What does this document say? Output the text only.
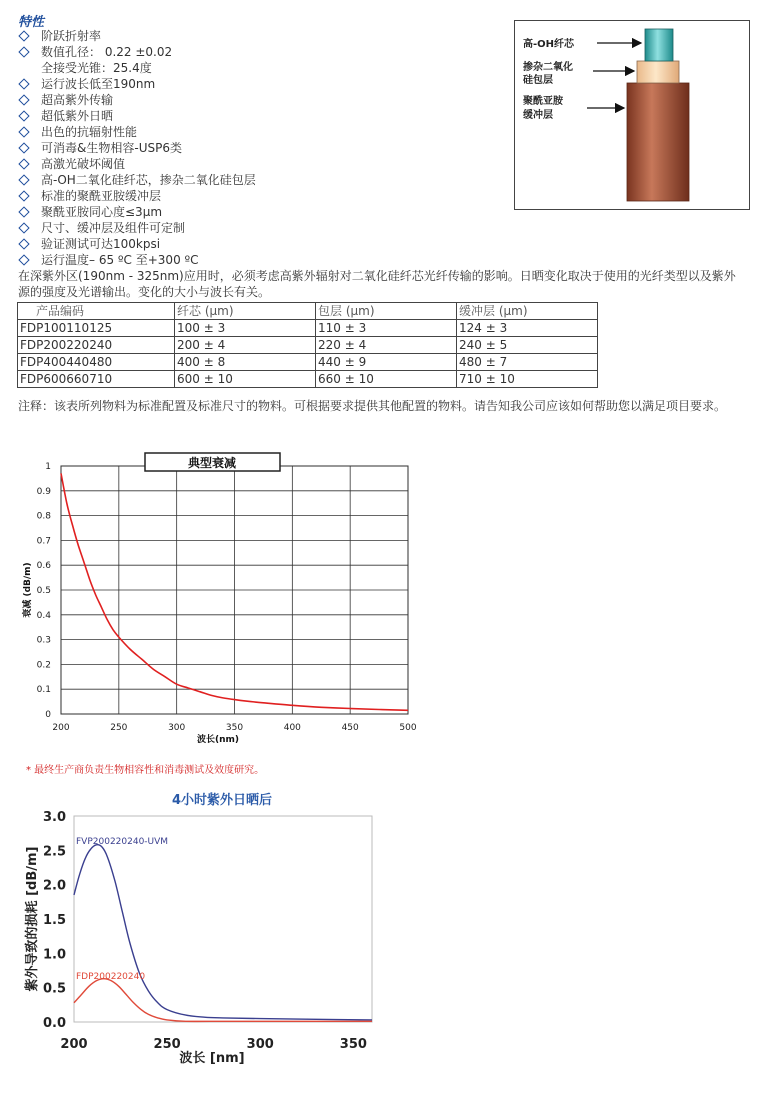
特性
阶跃折射率
数值孔径： 0.22 ±0.02
全接受光锥：25.4度
运行波长低至190nm
超高紫外传输
超低紫外日晒
出色的抗辐射性能
可消毒&生物相容-USP6类
高激光破坏阈值
高-OH二氧化硅纤芯，掺杂二氧化硅包层
标准的聚酰亚胺缓冲层
聚酰亚胺同心度≤3μm
尺寸、缓冲层及组件可定制
验证测试可达100kpsi
运行温度– 65 ºC 至+300 ºC
在深紫外区(190nm - 325nm)应用时，必须考虑高紫外辐射对二氧化硅纤芯光纤传输的影响。日晒变化取决于使用的光纤类型以及紫外源的强度及光谱输出。变化的大小与波长有关。
产品编码	纤芯 (μm)	包层 (μm)	缓冲层 (μm)
FDP100110125	100 ± 3	110 ± 3	124 ± 3
FDP200220240	200 ± 4	220 ± 4	240 ± 5
FDP400440480	400 ± 8	440 ± 9	480 ± 7
FDP600660710	600 ± 10	660 ± 10	710 ± 10
注释：该表所列物料为标准配置及标准尺寸的物料。可根据要求提供其他配置的物料。请告知我公司应该如何帮助您以满足项目要求。
高-OH纤芯
掺杂二氧化
硅包层
聚酰亚胺
缓冲层
0
0.1
0.2
0.3
0.4
0.5
0.6
0.7
0.8
0.9
1
200	250	300	350	400	450	500
典型衰减
波长(nm)
衰减 (dB/m)
* 最终生产商负责生物相容性和消毒测试及效度研究。
0.0
0.5
1.0
1.5
2.0
2.5
3.0
200	250	300	350
FVP200220240-UVM
FDP200220240
4小时紫外日晒后
波长 [nm]
紫外导致的损耗 [dB/m]
